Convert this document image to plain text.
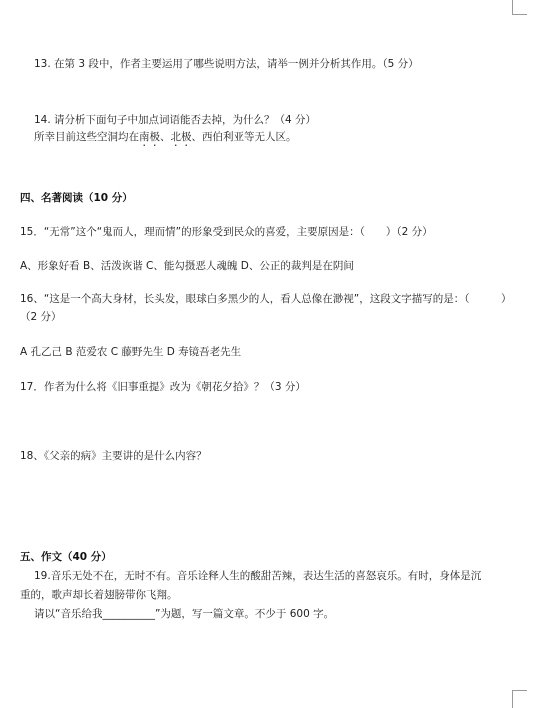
13. 在第 3 段中，作者主要运用了哪些说明方法，请举一例并分析其作用。（5 分）
14. 请分析下面句子中加点词语能否去掉，为什么？（4 分）
所幸目前这些空洞均在南极、北极、西伯利亚等无人区。
四、名著阅读（10 分）
15．“无常”这个“鬼而人，理而情”的形象受到民众的喜爱，主要原因是：（　　）（2 分）
A、形象好看 B、活泼诙谐 C、能勾摄恶人魂魄 D、公正的裁判是在阴间
16、“这是一个高大身材，长头发，眼球白多黑少的人，看人总像在渺视”，这段文字描写的是：（　　　）
（2 分）
A 孔乙己 B 范爱农 C 藤野先生 D 寿镜吾老先生
17．作者为什么将《旧事重提》改为《朝花夕拾》？（3 分）
18、《父亲的病》主要讲的是什么内容？
五、作文（40 分）
19.音乐无处不在，无时不有。音乐诠释人生的酸甜苦辣，表达生活的喜怒哀乐。有时，身体是沉
重的，歌声却长着翅膀带你飞翔。
请以“音乐给我__________”为题，写一篇文章。不少于 600 字。
